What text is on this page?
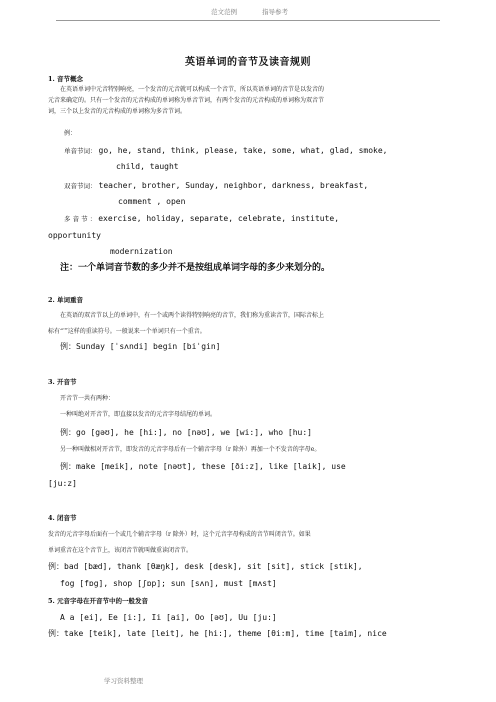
范文范例	指导参考
英语单词的音节及读音规则
1. 音节概念
在英语单词中元音特别响亮，一个发音的元音就可以构成一个音节，所以英语单词的音节是以发音的
元音来确定的。只有一个发音的元音构成的单词称为单音节词，有两个发音的元音构成的单词称为双音节
词，三个以上发音的元音构成的单词称为多音节词。
例：
单音节词： go, he, stand, think, please, take, some, what, glad, smoke,
child, taught
双音节词： teacher, brother, Sunday, neighbor, darkness, breakfast,
comment , open
多 音 节 ： exercise, holiday, separate, celebrate, institute,
opportunity
modernization
注：一个单词音节数的多少并不是按组成单词字母的多少来划分的。
2. 单词重音
在英语的双音节以上的单词中，有一个或两个读得特别响亮的音节，我们称为重读音节，国际音标上
标有“ˈ”这样的重读符号。一般说来一个单词只有一个重音。
例：Sunday [ˈsʌndi] begin [biˈgin]
3. 开音节
开音节一共有两种：
一种叫绝对开音节，即直接以发音的元音字母结尾的单词。
例：go [gəʊ], he [hi:], no [nəʊ], we [wi:], who [hu:]
另一种叫做相对开音节，即发音的元音字母后有一个辅音字母（r 除外）再加一个不发音的字母e。
例：make [meik], note [nəʊt], these [ði:z], like [laik], use
[ju:z]
4. 闭音节
发音的元音字母后面有一个或几个辅音字母（r 除外）时，这个元音字母构成的音节叫闭音节。如果
单词重音在这个音节上，该闭音节就叫做重读闭音节。
例：bad [bæd], thank [θæŋk], desk [desk], sit [sit], stick [stik],
fog [fɒg], shop [ʃɒp]; sun [sʌn], must [mʌst]
5. 元音字母在开音节中的一般发音
A a [ei], Ee [i:], Ii [ai], Oo [əʊ], Uu [ju:]
例：take [teik], late [leit], he [hi:], theme [θi:m], time [taim], nice
学习资料整理
